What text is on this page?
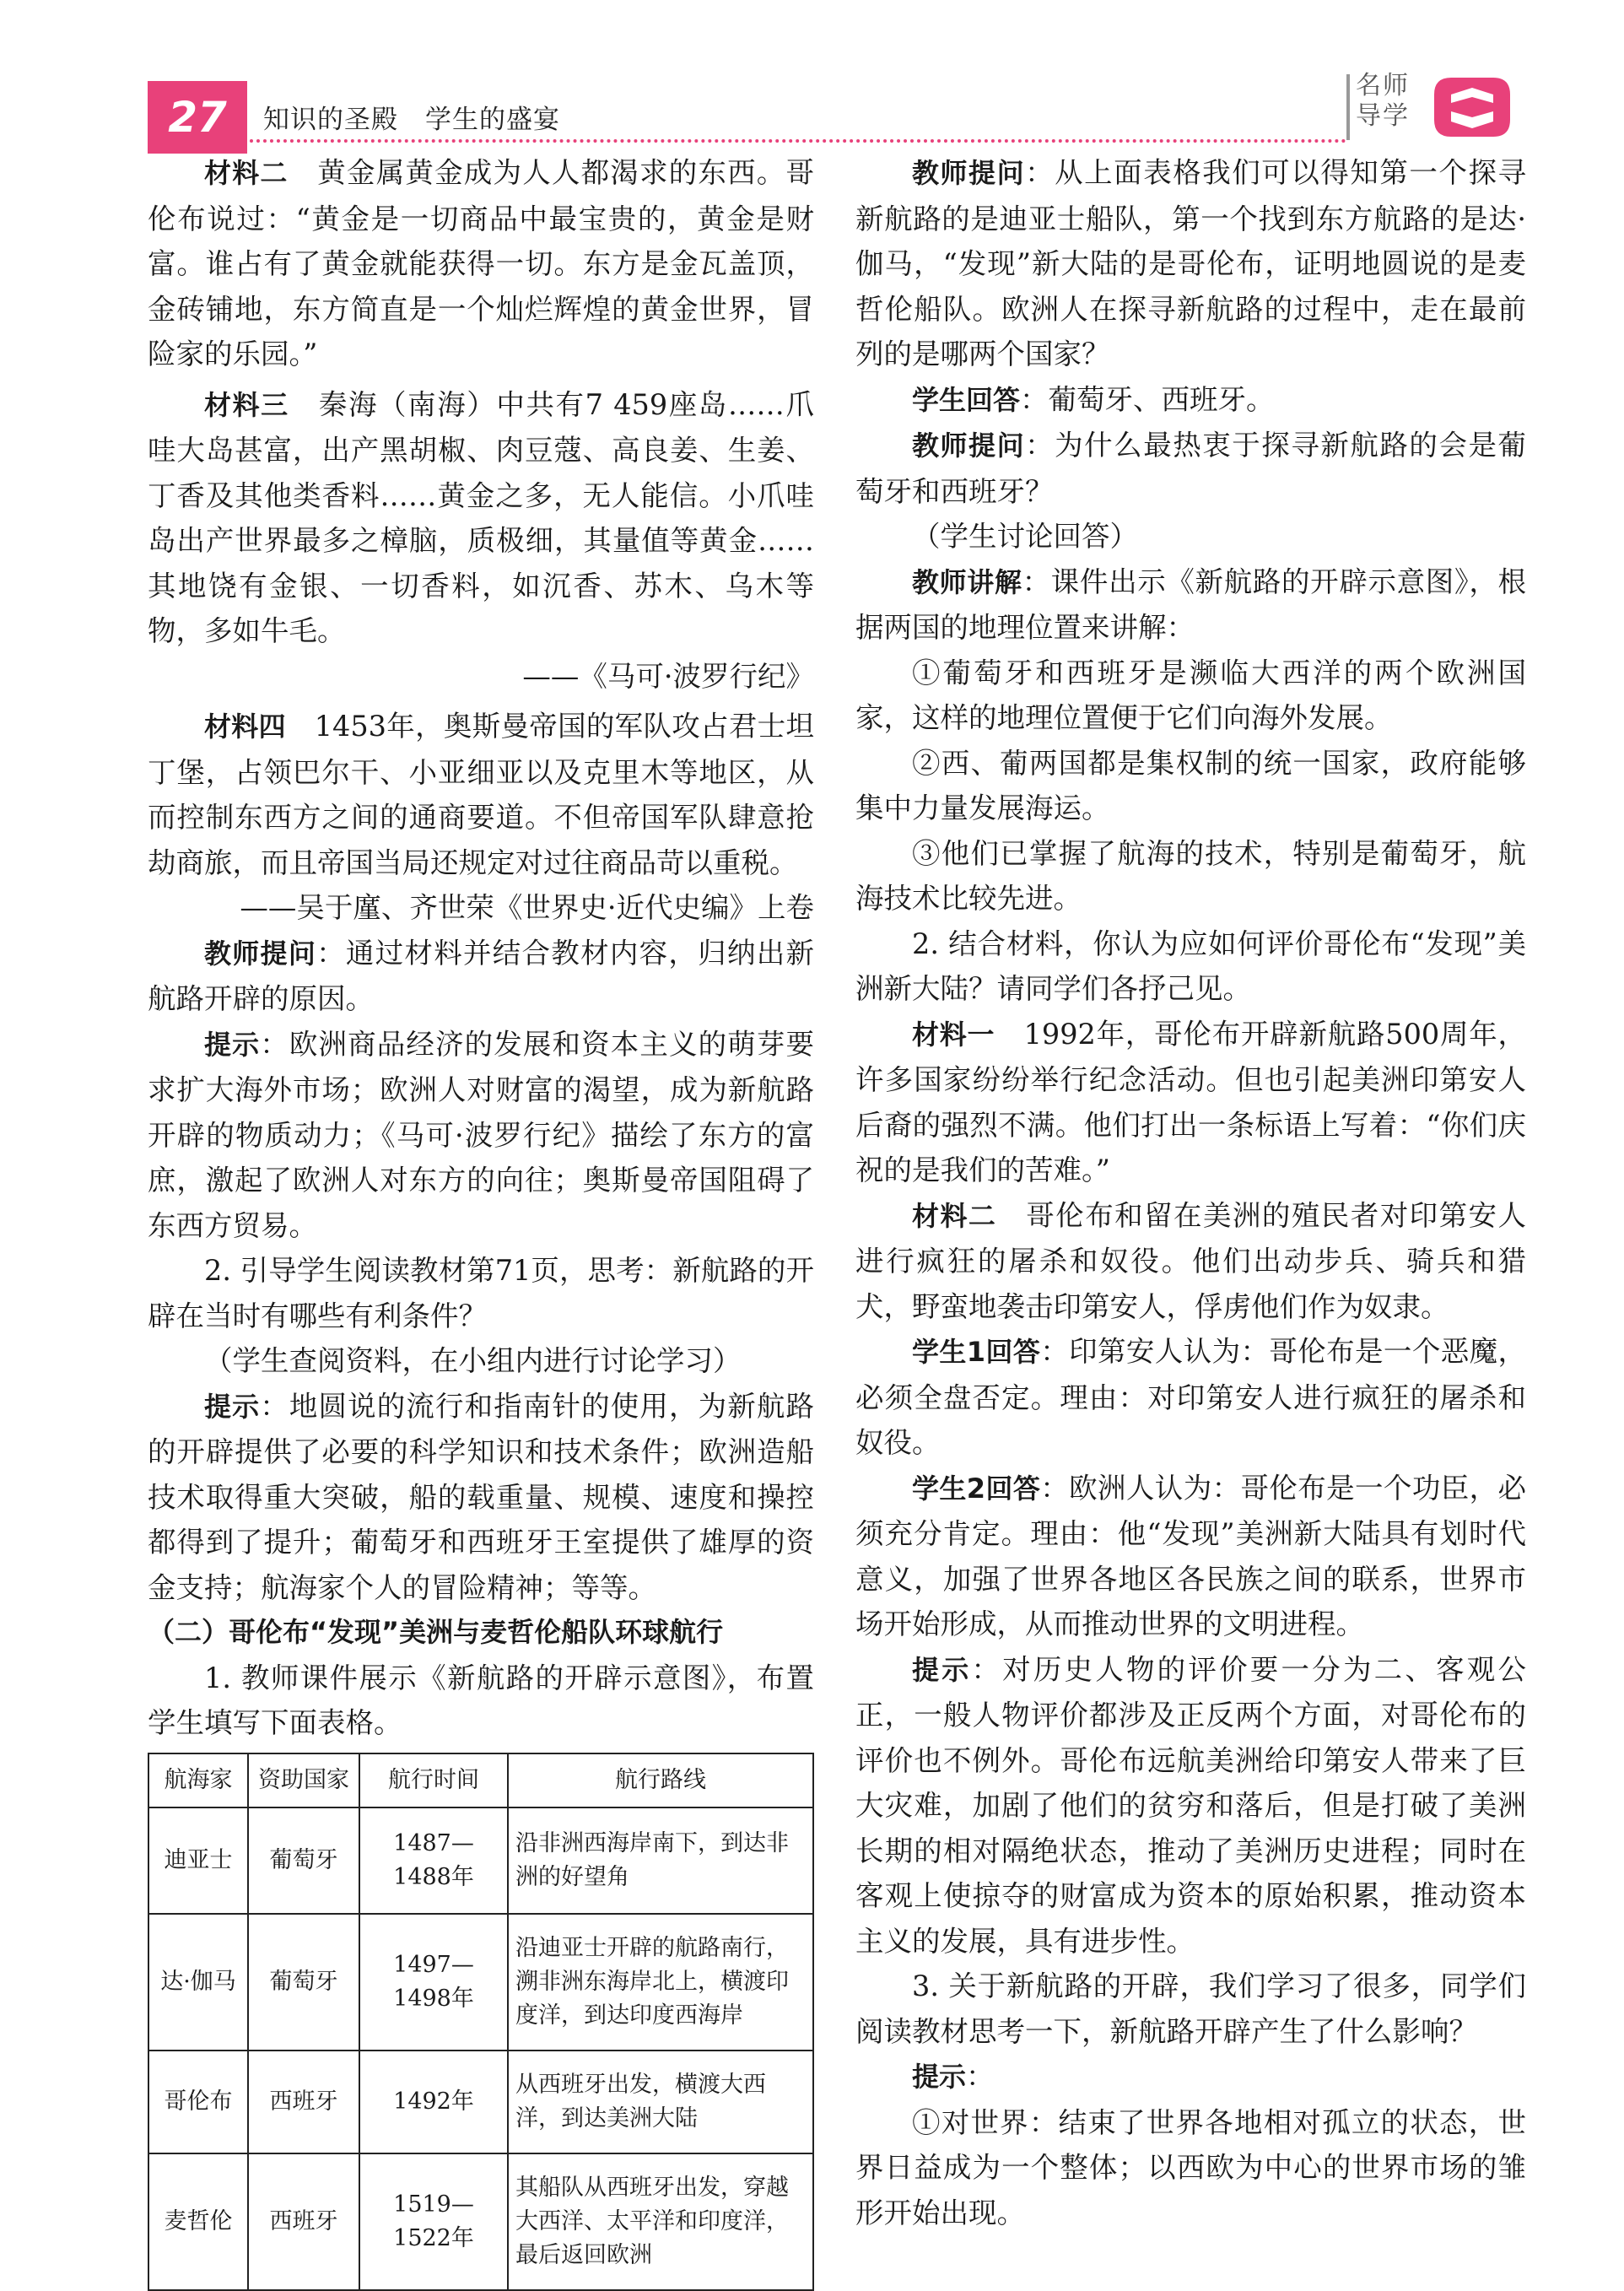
27	知识的圣殿　学生的盛宴
名师
导学

材料二　黄金属黄金成为人人都渴求的东西。哥伦布说过：“黄金是一切商品中最宝贵的，黄金是财富。谁占有了黄金就能获得一切。东方是金瓦盖顶，金砖铺地，东方简直是一个灿烂辉煌的黄金世界，冒险家的乐园。”

材料三　秦海（南海）中共有7 459座岛……爪哇大岛甚富，出产黑胡椒、肉豆蔻、高良姜、生姜、丁香及其他类香料……黄金之多，无人能信。小爪哇岛出产世界最多之樟脑，质极细，其量值等黄金……其地饶有金银、一切香料，如沉香、苏木、乌木等物，多如牛毛。

——《马可·波罗行纪》

材料四　1453年，奥斯曼帝国的军队攻占君士坦丁堡，占领巴尔干、小亚细亚以及克里木等地区，从而控制东西方之间的通商要道。不但帝国军队肆意抢劫商旅，而且帝国当局还规定对过往商品苛以重税。

——吴于廑、齐世荣《世界史·近代史编》上卷

教师提问：通过材料并结合教材内容，归纳出新航路开辟的原因。

提示：欧洲商品经济的发展和资本主义的萌芽要求扩大海外市场；欧洲人对财富的渴望，成为新航路开辟的物质动力；《马可·波罗行纪》描绘了东方的富庶，激起了欧洲人对东方的向往；奥斯曼帝国阻碍了东西方贸易。

2. 引导学生阅读教材第71页，思考：新航路的开辟在当时有哪些有利条件？

（学生查阅资料，在小组内进行讨论学习）

提示：地圆说的流行和指南针的使用，为新航路的开辟提供了必要的科学知识和技术条件；欧洲造船技术取得重大突破，船的载重量、规模、速度和操控都得到了提升；葡萄牙和西班牙王室提供了雄厚的资金支持；航海家个人的冒险精神；等等。

（二）哥伦布“发现”美洲与麦哲伦船队环球航行

1. 教师课件展示《新航路的开辟示意图》，布置学生填写下面表格。

航海家	资助国家	航行时间	航行路线
迪亚士	葡萄牙	1487—1488年	沿非洲西海岸南下，到达非洲的好望角
达·伽马	葡萄牙	1497—1498年	沿迪亚士开辟的航路南行，溯非洲东海岸北上，横渡印度洋，到达印度西海岸
哥伦布	西班牙	1492年	从西班牙出发，横渡大西洋，到达美洲大陆
麦哲伦	西班牙	1519—1522年	其船队从西班牙出发，穿越大西洋、太平洋和印度洋，最后返回欧洲

教师提问：从上面表格我们可以得知第一个探寻新航路的是迪亚士船队，第一个找到东方航路的是达·伽马，“发现”新大陆的是哥伦布，证明地圆说的是麦哲伦船队。欧洲人在探寻新航路的过程中，走在最前列的是哪两个国家？

学生回答：葡萄牙、西班牙。

教师提问：为什么最热衷于探寻新航路的会是葡萄牙和西班牙？

（学生讨论回答）

教师讲解：课件出示《新航路的开辟示意图》，根据两国的地理位置来讲解：

①葡萄牙和西班牙是濒临大西洋的两个欧洲国家，这样的地理位置便于它们向海外发展。

②西、葡两国都是集权制的统一国家，政府能够集中力量发展海运。

③他们已掌握了航海的技术，特别是葡萄牙，航海技术比较先进。

2. 结合材料，你认为应如何评价哥伦布“发现”美洲新大陆？请同学们各抒己见。

材料一　1992年，哥伦布开辟新航路500周年，许多国家纷纷举行纪念活动。但也引起美洲印第安人后裔的强烈不满。他们打出一条标语上写着：“你们庆祝的是我们的苦难。”

材料二　哥伦布和留在美洲的殖民者对印第安人进行疯狂的屠杀和奴役。他们出动步兵、骑兵和猎犬，野蛮地袭击印第安人，俘虏他们作为奴隶。

学生1回答：印第安人认为：哥伦布是一个恶魔，必须全盘否定。理由：对印第安人进行疯狂的屠杀和奴役。

学生2回答：欧洲人认为：哥伦布是一个功臣，必须充分肯定。理由：他“发现”美洲新大陆具有划时代意义，加强了世界各地区各民族之间的联系，世界市场开始形成，从而推动世界的文明进程。

提示：对历史人物的评价要一分为二、客观公正，一般人物评价都涉及正反两个方面，对哥伦布的评价也不例外。哥伦布远航美洲给印第安人带来了巨大灾难，加剧了他们的贫穷和落后，但是打破了美洲长期的相对隔绝状态，推动了美洲历史进程；同时在客观上使掠夺的财富成为资本的原始积累，推动资本主义的发展，具有进步性。

3. 关于新航路的开辟，我们学习了很多，同学们阅读教材思考一下，新航路开辟产生了什么影响？

提示：

①对世界：结束了世界各地相对孤立的状态，世界日益成为一个整体；以西欧为中心的世界市场的雏形开始出现。
